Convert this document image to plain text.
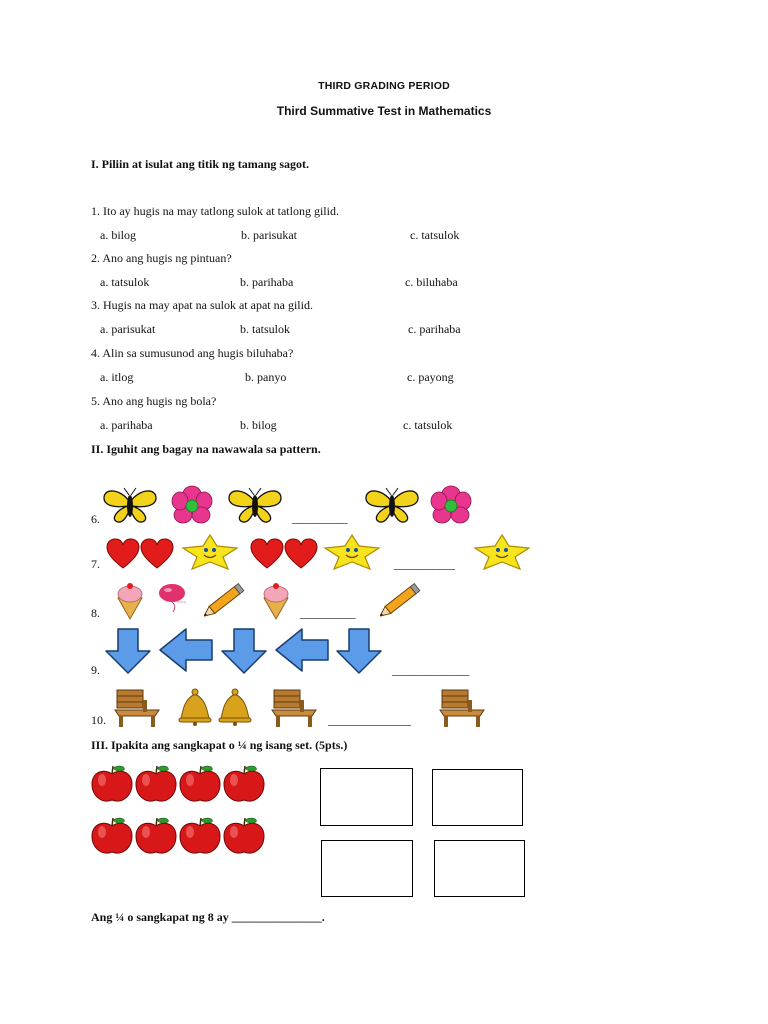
THIRD GRADING PERIOD
Third Summative Test in Mathematics
I. Piliin at isulat ang titik ng tamang sagot.
1. Ito ay hugis na may tatlong sulok at tatlong gilid.
a. bilog	b. parisukat	c. tatsulok
2. Ano ang hugis ng pintuan?
a. tatsulok	b. parihaba	c. biluhaba
3. Hugis na may apat na sulok at apat na gilid.
a. parisukat	b. tatsulok	c. parihaba
4. Alin sa sumusunod ang hugis biluhaba?
a. itlog	b. panyo	c. payong
5. Ano ang hugis ng bola?
a. parihaba	b. bilog	c. tatsulok
II. Iguhit ang bagay na nawawala sa pattern.
6.	__________
7.	___________
8.
~~~
__________
9.	______________
10.	_______________
III. Ipakita ang sangkapat o ¼ ng isang set. (5pts.)
Ang ¼ o sangkapat ng 8 ay _______________.
